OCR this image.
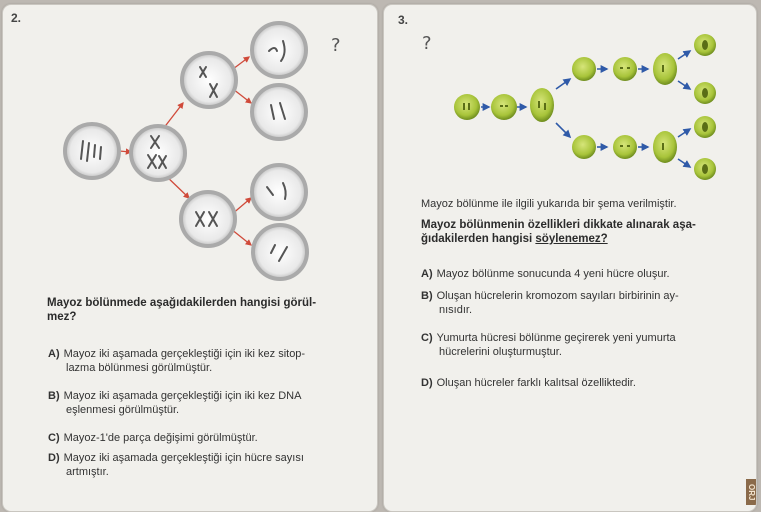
2.
?
Mayoz bölünmede aşağıdakilerden hangisi görül-
mez?
A) Mayoz iki aşamada gerçekleştiği için iki kez sitop-
lazma bölünmesi görülmüştür.
B) Mayoz iki aşamada gerçekleştiği için iki kez DNA
eşlenmesi görülmüştür.
C) Mayoz-1'de parça değişimi görülmüştür.
D) Mayoz iki aşamada gerçekleştiği için hücre sayısı
artmıştır.
3.
?
Mayoz bölünme ile ilgili yukarıda bir şema verilmiştir.
Mayoz bölünmenin özellikleri dikkate alınarak aşa-
ğıdakilerden hangisi söylenemez?
A) Mayoz bölünme sonucunda 4 yeni hücre oluşur.
B) Oluşan hücrelerin kromozom sayıları birbirinin ay-
nısıdır.
C) Yumurta hücresi bölünme geçirerek yeni yumurta
hücrelerini oluşturmuştur.
D) Oluşan hücreler farklı kalıtsal özelliktedir.
ORJ
